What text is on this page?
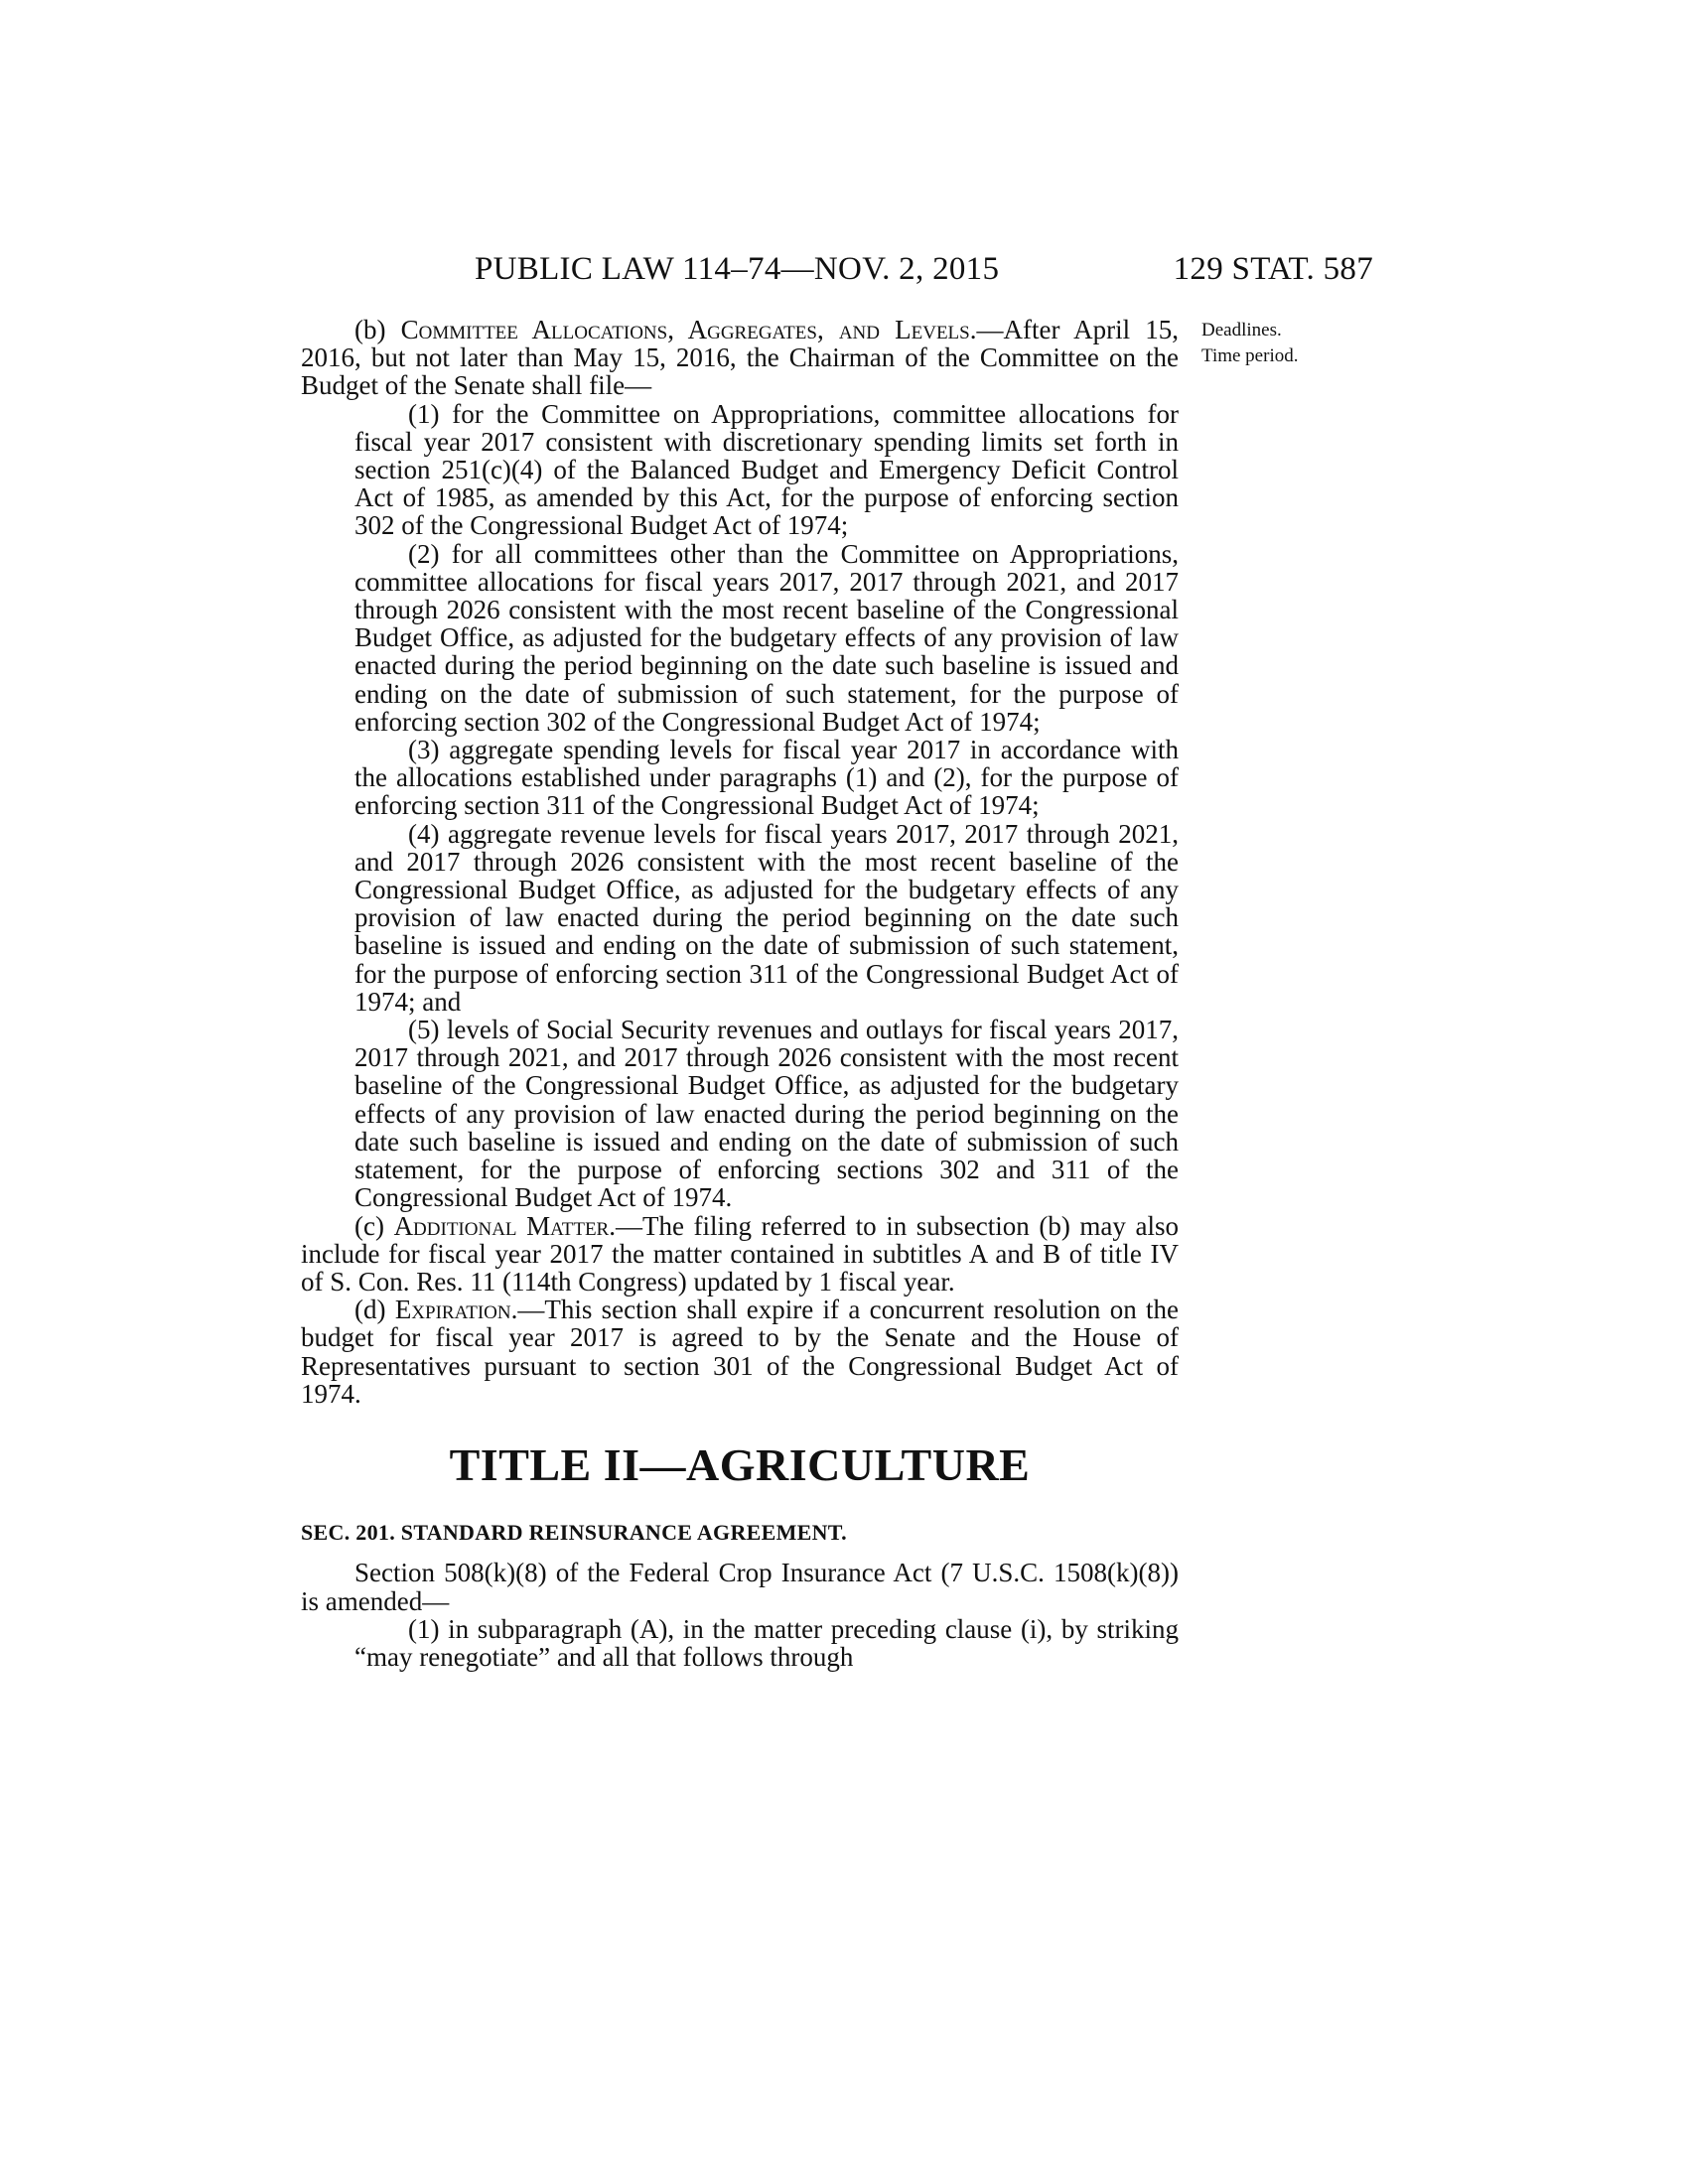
PUBLIC LAW 114–74—NOV. 2, 2015	129 STAT. 587
Deadlines.
Time period.

(b) Committee Allocations, Aggregates, and Levels.—After April 15, 2016, but not later than May 15, 2016, the Chairman of the Committee on the Budget of the Senate shall file—

(1) for the Committee on Appropriations, committee allocations for fiscal year 2017 consistent with discretionary spending limits set forth in section 251(c)(4) of the Balanced Budget and Emergency Deficit Control Act of 1985, as amended by this Act, for the purpose of enforcing section 302 of the Congressional Budget Act of 1974;

(2) for all committees other than the Committee on Appropriations, committee allocations for fiscal years 2017, 2017 through 2021, and 2017 through 2026 consistent with the most recent baseline of the Congressional Budget Office, as adjusted for the budgetary effects of any provision of law enacted during the period beginning on the date such baseline is issued and ending on the date of submission of such statement, for the purpose of enforcing section 302 of the Congressional Budget Act of 1974;

(3) aggregate spending levels for fiscal year 2017 in accordance with the allocations established under paragraphs (1) and (2), for the purpose of enforcing section 311 of the Congressional Budget Act of 1974;

(4) aggregate revenue levels for fiscal years 2017, 2017 through 2021, and 2017 through 2026 consistent with the most recent baseline of the Congressional Budget Office, as adjusted for the budgetary effects of any provision of law enacted during the period beginning on the date such baseline is issued and ending on the date of submission of such statement, for the purpose of enforcing section 311 of the Congressional Budget Act of 1974; and

(5) levels of Social Security revenues and outlays for fiscal years 2017, 2017 through 2021, and 2017 through 2026 consistent with the most recent baseline of the Congressional Budget Office, as adjusted for the budgetary effects of any provision of law enacted during the period beginning on the date such baseline is issued and ending on the date of submission of such statement, for the purpose of enforcing sections 302 and 311 of the Congressional Budget Act of 1974.

(c) Additional Matter.—The filing referred to in subsection (b) may also include for fiscal year 2017 the matter contained in subtitles A and B of title IV of S. Con. Res. 11 (114th Congress) updated by 1 fiscal year.

(d) Expiration.—This section shall expire if a concurrent resolution on the budget for fiscal year 2017 is agreed to by the Senate and the House of Representatives pursuant to section 301 of the Congressional Budget Act of 1974.

TITLE II—AGRICULTURE
SEC. 201. STANDARD REINSURANCE AGREEMENT.

Section 508(k)(8) of the Federal Crop Insurance Act (7 U.S.C. 1508(k)(8)) is amended—

(1) in subparagraph (A), in the matter preceding clause (i), by striking “may renegotiate” and all that follows through
